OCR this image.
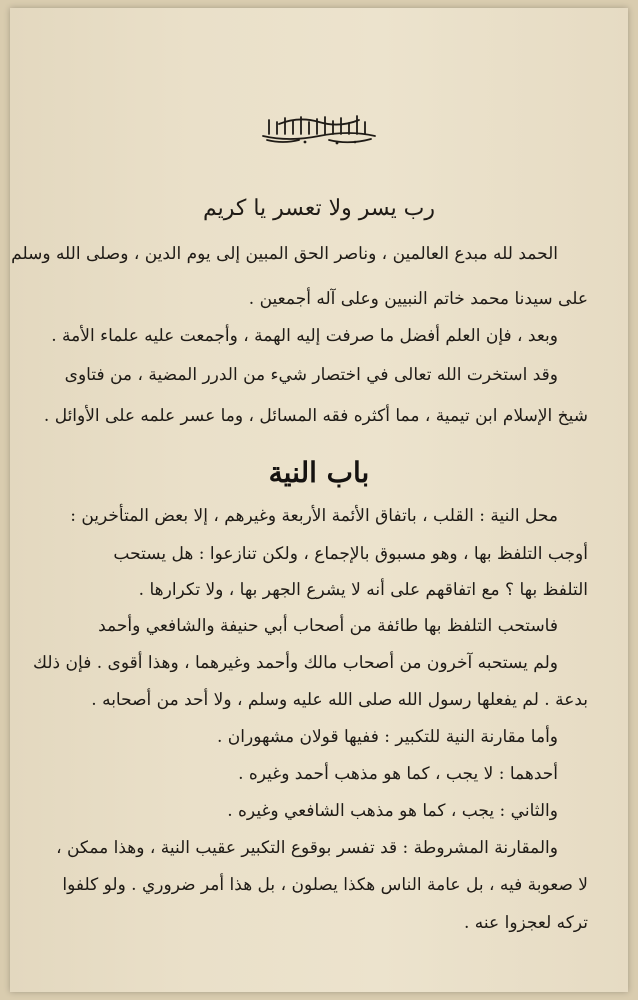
رب يسر ولا تعسر يا كريم
الحمد لله مبدع العالمين ، وناصر الحق المبين إلى يوم الدين ، وصلى الله وسلم
على سيدنا محمد خاتم النبيين وعلى آله أجمعين .
وبعد ، فإن العلم أفضل ما صرفت إليه الهمة ، وأجمعت عليه علماء الأمة .
وقد استخرت الله تعالى في اختصار شيء من الدرر المضية ، من فتاوى
شيخ الإسلام ابن تيمية ، مما أكثره فقه المسائل ، وما عسر علمه على الأوائل .
باب النية
محل النية : القلب ، باتفاق الأئمة الأربعة وغيرهم ، إلا بعض المتأخرين :
أوجب التلفظ بها ، وهو مسبوق بالإجماع ، ولكن تنازعوا : هل يستحب
التلفظ بها ؟ مع اتفاقهم على أنه لا يشرع الجهر بها ، ولا تكرارها .
فاستحب التلفظ بها طائفة من أصحاب أبي حنيفة والشافعي وأحمد
ولم يستحبه آخرون من أصحاب مالك وأحمد وغيرهما ، وهذا أقوى . فإن ذلك
بدعة . لم يفعلها رسول الله صلى الله عليه وسلم ، ولا أحد من أصحابه .
وأما مقارنة النية للتكبير : ففيها قولان مشهوران .
أحدهما : لا يجب ، كما هو مذهب أحمد وغيره .
والثاني : يجب ، كما هو مذهب الشافعي وغيره .
والمقارنة المشروطة : قد تفسر بوقوع التكبير عقيب النية ، وهذا ممكن ،
لا صعوبة فيه ، بل عامة الناس هكذا يصلون ، بل هذا أمر ضروري . ولو كلفوا
تركه لعجزوا عنه .
